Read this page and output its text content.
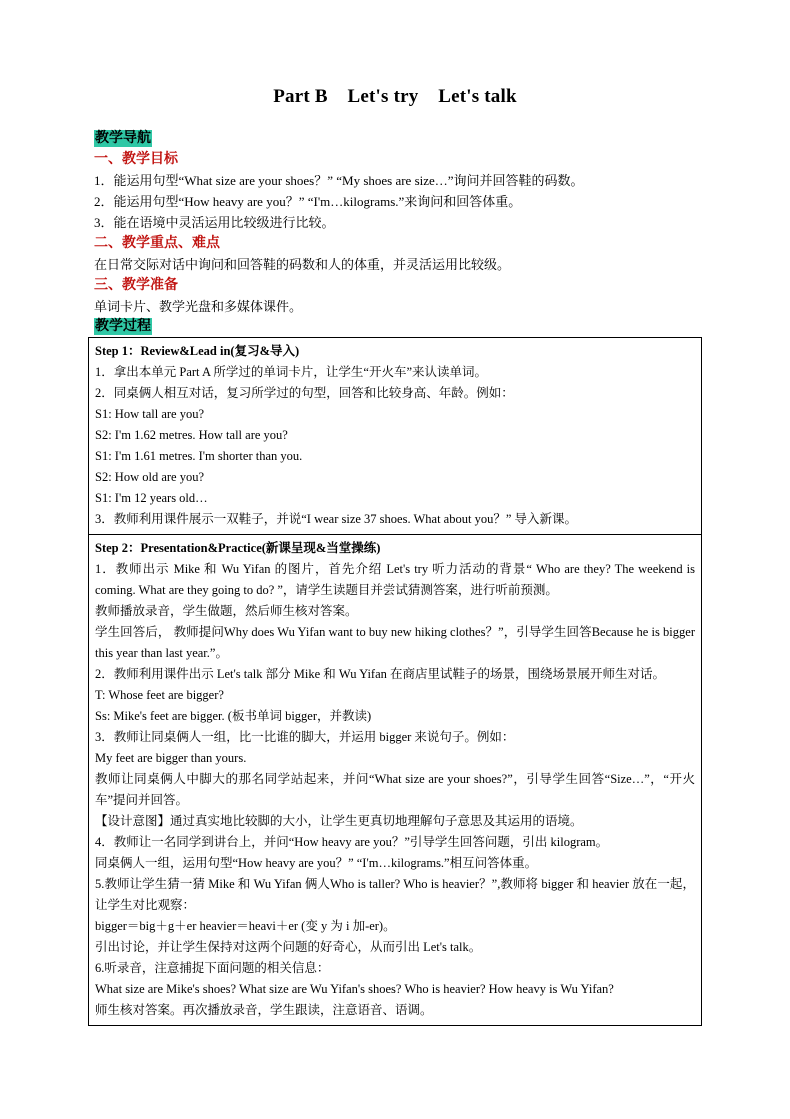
Part B    Let's try    Let's talk
教学导航
一、教学目标
1．能运用句型“What size are your shoes？” “My shoes are size…”询问并回答鞋的码数。
2．能运用句型“How heavy are you？” “I'm…kilograms.”来询问和回答体重。
3．能在语境中灵活运用比较级进行比较。
二、教学重点、难点
在日常交际对话中询问和回答鞋的码数和人的体重，并灵活运用比较级。
三、教学准备
单词卡片、教学光盘和多媒体课件。
教学过程
Step 1：Review&Lead in(复习&导入)
1．拿出本单元 Part A 所学过的单词卡片，让学生“开火车”来认读单词。
2．同桌俩人相互对话，复习所学过的句型，回答和比较身高、年龄。例如：
S1: How tall are you?
S2: I'm 1.62 metres. How tall are you?
S1: I'm 1.61 metres. I'm shorter than you.
S2: How old are you?
S1: I'm 12 years old…
3．教师利用课件展示一双鞋子，并说“I wear size 37 shoes. What about you？” 导入新课。

Step 2：Presentation&Practice(新课呈现&当堂操练)
1．教师出示 Mike 和 Wu Yifan 的图片，首先介绍 Let's try 听力活动的背景“ Who are they? The weekend is coming. What are they going to do? ”，请学生读题目并尝试猜测答案，进行听前预测。
教师播放录音，学生做题，然后师生核对答案。
学生回答后， 教师提问Why does Wu Yifan want to buy new hiking clothes？”，引导学生回答Because he is bigger this year than last year.”。
2．教师利用课件出示 Let's talk 部分 Mike 和 Wu Yifan 在商店里试鞋子的场景，围绕场景展开师生对话。
T: Whose feet are bigger?
Ss: Mike's feet are bigger. (板书单词 bigger，并教读)
3．教师让同桌俩人一组，比一比谁的脚大，并运用 bigger 来说句子。例如：
My feet are bigger than yours.
教师让同桌俩人中脚大的那名同学站起来，并问“What size are your shoes?”，引导学生回答“Size…”，“开火车”提问并回答。
【设计意图】通过真实地比较脚的大小，让学生更真切地理解句子意思及其运用的语境。
4．教师让一名同学到讲台上，并问“How heavy are you？”引导学生回答问题，引出 kilogram。
同桌俩人一组，运用句型“How heavy are you？” “I'm…kilograms.”相互问答体重。
5.教师让学生猜一猜 Mike 和 Wu Yifan 俩人Who is taller? Who is heavier？”,教师将 bigger 和 heavier 放在一起，让学生对比观察：
bigger＝big＋g＋er heavier＝heavi＋er (变 y 为 i 加-er)。
引出讨论，并让学生保持对这两个问题的好奇心，从而引出 Let's talk。
6.听录音，注意捕捉下面问题的相关信息：
What size are Mike's shoes? What size are Wu Yifan's shoes? Who is heavier? How heavy is Wu Yifan?
师生核对答案。再次播放录音，学生跟读，注意语音、语调。
